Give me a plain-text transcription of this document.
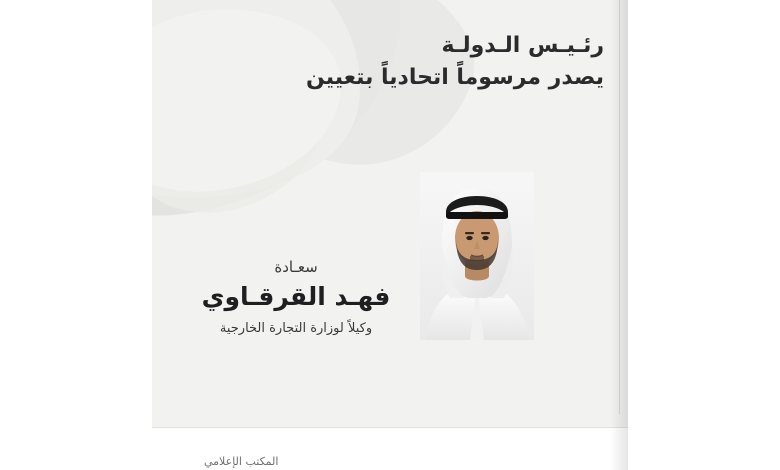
رئـيـس الـدولـة
يصدر مرسوماً اتحادياً بتعيين
سعـادة
فهـد القرقـاوي
وكيلاً لوزارة التجارة الخارجية
المكتب الإعلامي
